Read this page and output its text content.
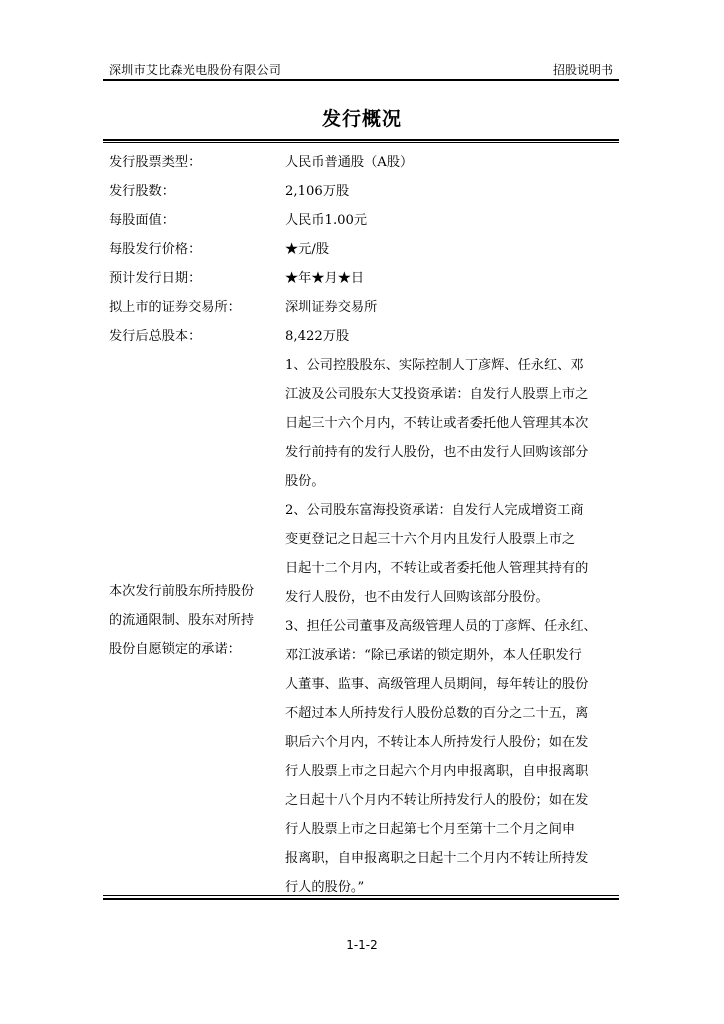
深圳市艾比森光电股份有限公司	招股说明书
发行概况
发行股票类型：	人民币普通股（A股）
发行股数：	2,106万股
每股面值：	人民币1.00元
每股发行价格：	★元/股
预计发行日期：	★年★月★日
拟上市的证券交易所：	深圳证券交易所
发行后总股本：	8,422万股
本次发行前股东所持股份
的流通限制、股东对所持
股份自愿锁定的承诺：
1、公司控股股东、实际控制人丁彦辉、任永红、邓
江波及公司股东大艾投资承诺：自发行人股票上市之
日起三十六个月内，不转让或者委托他人管理其本次
发行前持有的发行人股份，也不由发行人回购该部分
股份。
2、公司股东富海投资承诺：自发行人完成增资工商
变更登记之日起三十六个月内且发行人股票上市之
日起十二个月内，不转让或者委托他人管理其持有的
发行人股份，也不由发行人回购该部分股份。
3、担任公司董事及高级管理人员的丁彦辉、任永红、
邓江波承诺：“除已承诺的锁定期外，本人任职发行
人董事、监事、高级管理人员期间，每年转让的股份
不超过本人所持发行人股份总数的百分之二十五，离
职后六个月内，不转让本人所持发行人股份；如在发
行人股票上市之日起六个月内申报离职，自申报离职
之日起十八个月内不转让所持发行人的股份；如在发
行人股票上市之日起第七个月至第十二个月之间申
报离职，自申报离职之日起十二个月内不转让所持发
行人的股份。”
1-1-2
